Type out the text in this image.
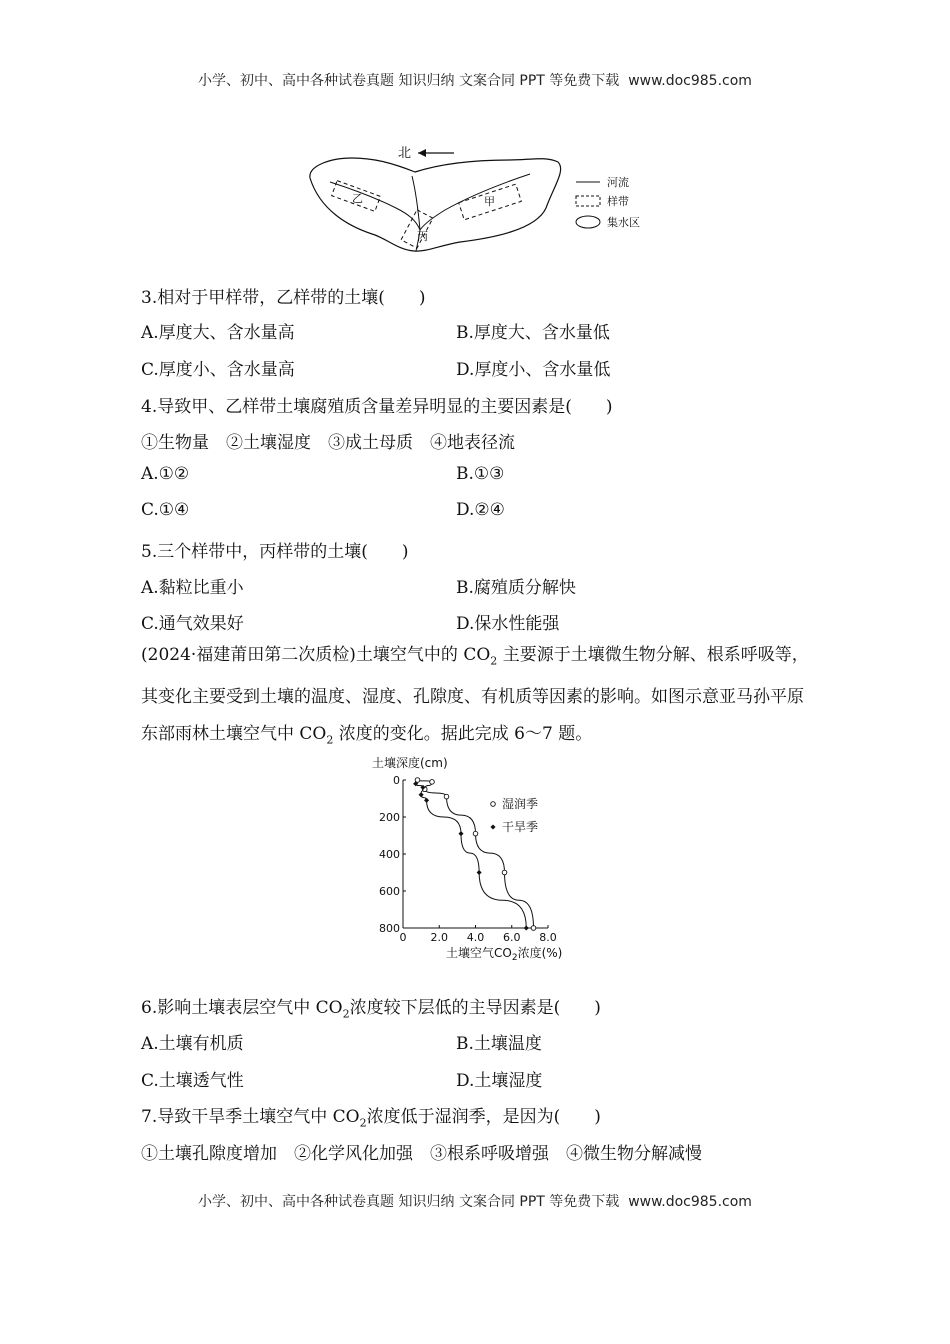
小学、初中、高中各种试卷真题 知识归纳 文案合同 PPT 等免费下载 www.doc985.com
北
乙	甲
丙
河流
样带
集水区
3.相对于甲样带，乙样带的土壤(　　)
A.厚度大、含水量高	B.厚度大、含水量低
C.厚度小、含水量高	D.厚度小、含水量低
4.导致甲、乙样带土壤腐殖质含量差异明显的主要因素是(　　)
①生物量　②土壤湿度　③成土母质　④地表径流
A.①②	B.①③
C.①④	D.②④
5.三个样带中，丙样带的土壤(　　)
A.黏粒比重小	B.腐殖质分解快
C.通气效果好	D.保水性能强
(2024·福建莆田第二次质检)土壤空气中的 $CO_2$ 主要源于土壤微生物分解、根系呼吸等，其变化主要受到土壤的温度、湿度、孔隙度、有机质等因素的影响。如图示意亚马孙平原东部雨林土壤空气中 $CO_2$ 浓度的变化。据此完成 6～7 题。
土壤深度(cm)
0 2.0 4.0 6.0 8.0
0
200
400
600
800
湿润季
干旱季
土壤空气$CO_2$浓度(%)
6.影响土壤表层空气中 $CO_2$浓度较下层低的主导因素是(　　)
A.土壤有机质	B.土壤温度
C.土壤透气性	D.土壤湿度
7.导致干旱季土壤空气中 $CO_2$浓度低于湿润季，是因为(　　)
①土壤孔隙度增加　②化学风化加强　③根系呼吸增强　④微生物分解减慢
小学、初中、高中各种试卷真题 知识归纳 文案合同 PPT 等免费下载 www.doc985.com
